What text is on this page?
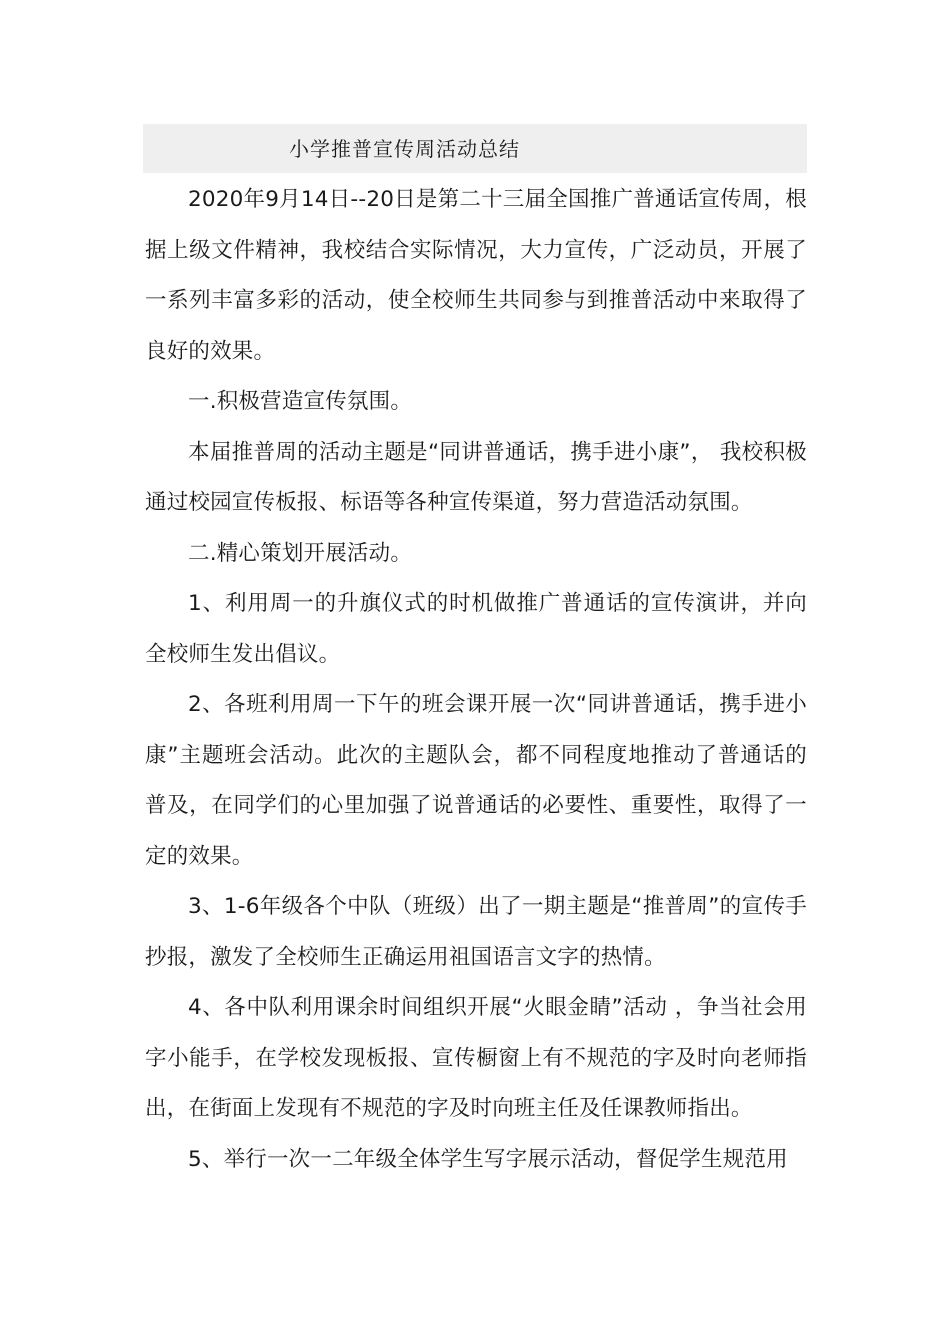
小学推普宣传周活动总结

2020年9月14日--20日是第二十三届全国推广普通话宣传周，根据上级文件精神，我校结合实际情况，大力宣传，广泛动员，开展了一系列丰富多彩的活动，使全校师生共同参与到推普活动中来取得了良好的效果。

一.积极营造宣传氛围。

本届推普周的活动主题是“同讲普通话，携手进小康”， 我校积极通过校园宣传板报、标语等各种宣传渠道，努力营造活动氛围。

二.精心策划开展活动。

1、利用周一的升旗仪式的时机做推广普通话的宣传演讲，并向全校师生发出倡议。

2、各班利用周一下午的班会课开展一次“同讲普通话，携手进小康”主题班会活动。此次的主题队会，都不同程度地推动了普通话的普及，在同学们的心里加强了说普通话的必要性、重要性，取得了一定的效果。

3、1-6年级各个中队（班级）出了一期主题是“推普周”的宣传手抄报，激发了全校师生正确运用祖国语言文字的热情。

4、各中队利用课余时间组织开展“火眼金睛”活动 ，争当社会用字小能手，在学校发现板报、宣传橱窗上有不规范的字及时向老师指出，在街面上发现有不规范的字及时向班主任及任课教师指出。

5、举行一次一二年级全体学生写字展示活动，督促学生规范用
